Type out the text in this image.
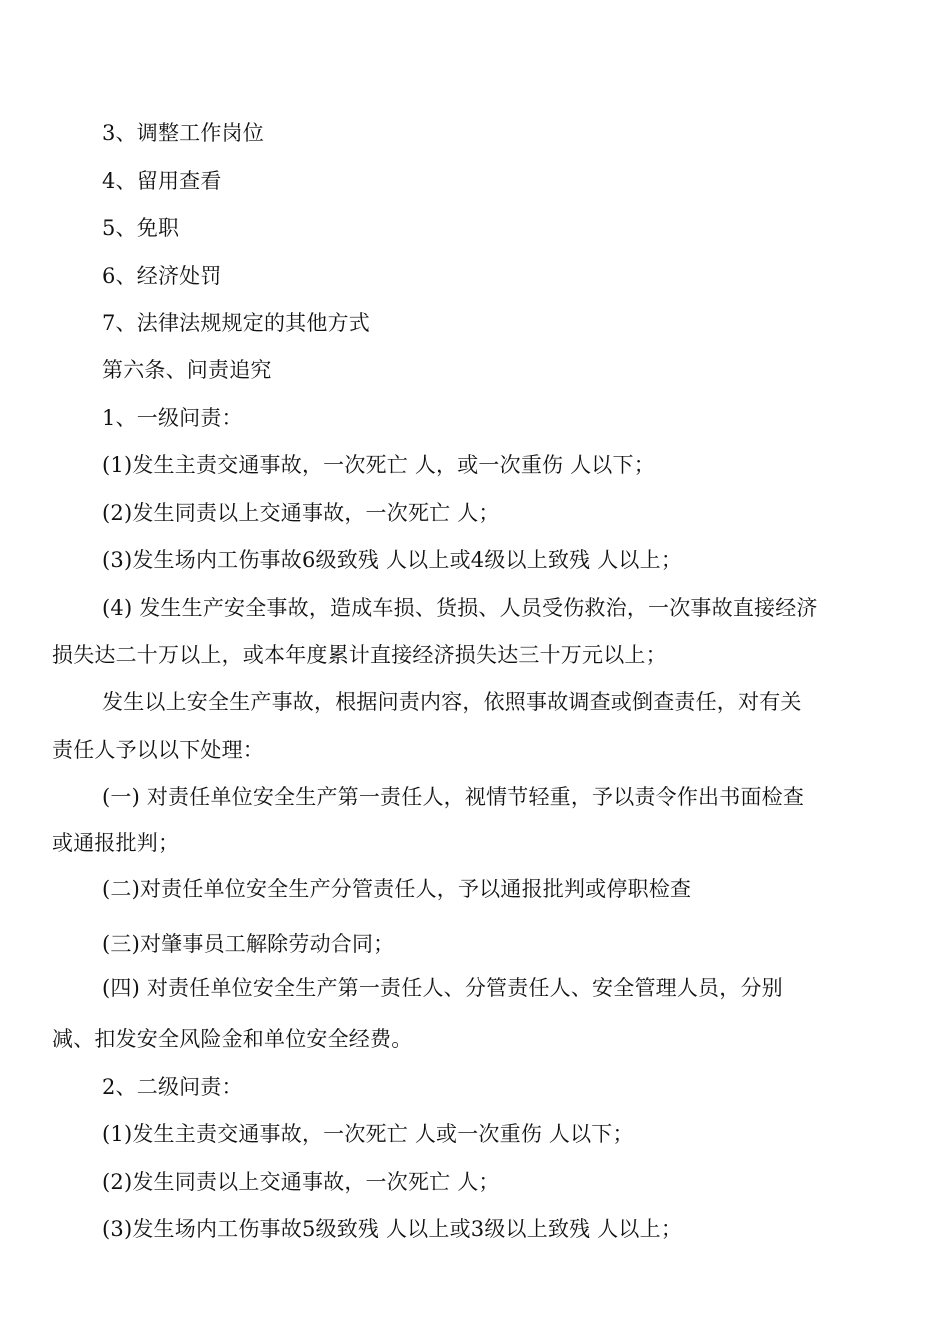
3、调整工作岗位
4、留用查看
5、免职
6、经济处罚
7、法律法规规定的其他方式
第六条、问责追究
1、一级问责：
(1)发生主责交通事故，一次死亡 人，或一次重伤 人以下；
(2)发生同责以上交通事故，一次死亡 人；
(3)发生场内工伤事故6级致残 人以上或4级以上致残 人以上；
(4) 发生生产安全事故，造成车损、货损、人员受伤救治，一次事故直接经济
损失达二十万以上，或本年度累计直接经济损失达三十万元以上；
发生以上安全生产事故，根据问责内容，依照事故调查或倒查责任，对有关
责任人予以以下处理：
(一) 对责任单位安全生产第一责任人，视情节轻重，予以责令作出书面检查
或通报批判；
(二)对责任单位安全生产分管责任人，予以通报批判或停职检查
(三)对肇事员工解除劳动合同；
(四) 对责任单位安全生产第一责任人、分管责任人、安全管理人员，分别
减、扣发安全风险金和单位安全经费。
2、二级问责：
(1)发生主责交通事故，一次死亡 人或一次重伤 人以下；
(2)发生同责以上交通事故，一次死亡 人；
(3)发生场内工伤事故5级致残 人以上或3级以上致残 人以上；
